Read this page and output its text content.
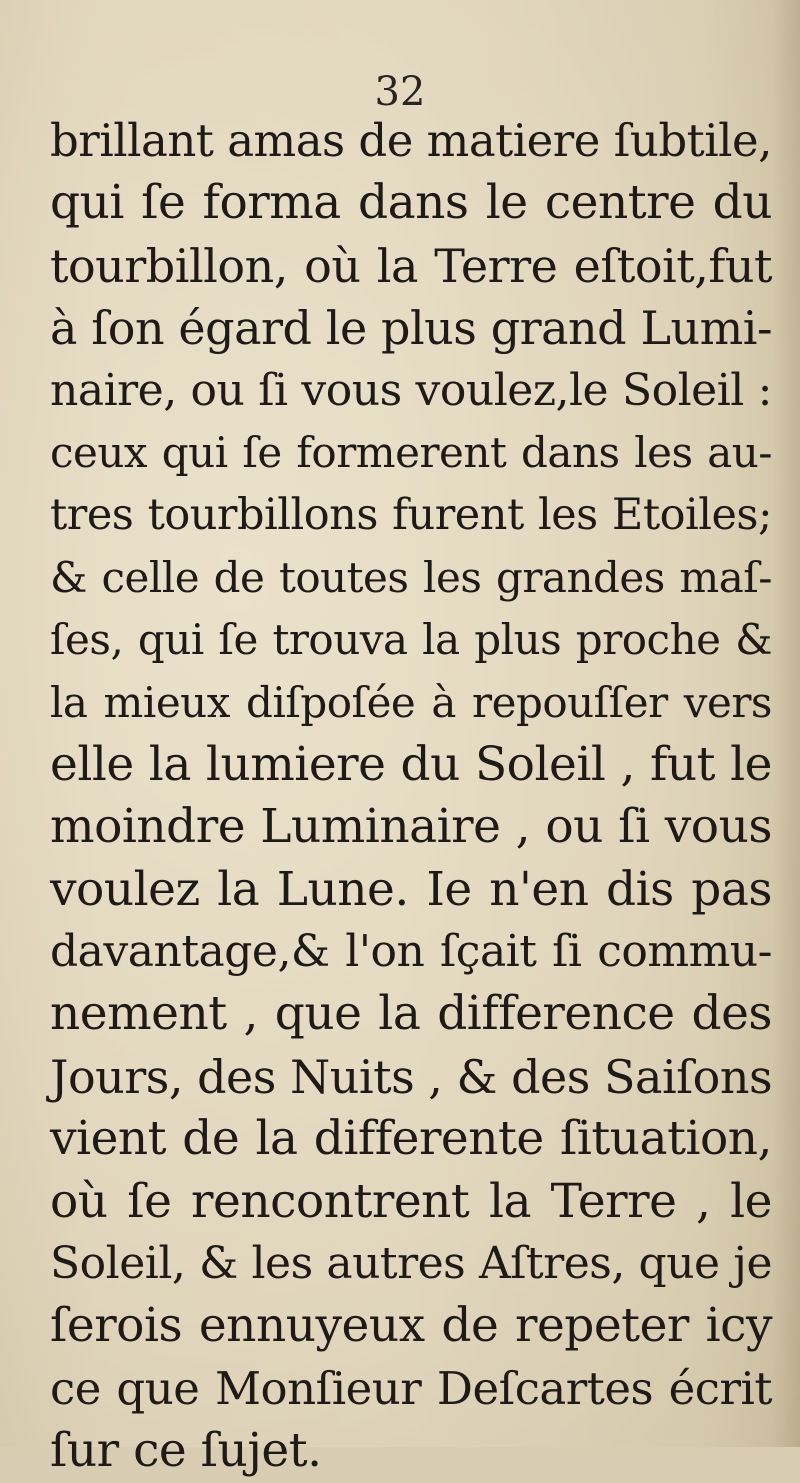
32
brillant amas de matiere ſubtile,
qui ſe forma dans le centre du
tourbillon, où la Terre eſtoit,fut
à ſon égard le plus grand Lumi-
naire, ou ſi vous voulez,le Soleil :
ceux qui ſe formerent dans les au-
tres tourbillons furent les Etoiles;
& celle de toutes les grandes maſ-
ſes, qui ſe trouva la plus proche &
la mieux diſpoſée à repouſſer vers
elle la lumiere du Soleil , fut le
moindre Luminaire , ou ſi vous
voulez la Lune. Ie n'en dis pas
davantage,& l'on ſçait ſi commu-
nement , que la difference des
Jours, des Nuits , & des Saiſons
vient de la differente ſituation,
où ſe rencontrent la Terre , le
Soleil, & les autres Aſtres, que je
ſerois ennuyeux de repeter icy
ce que Monſieur Deſcartes écrit
ſur ce ſujet.
